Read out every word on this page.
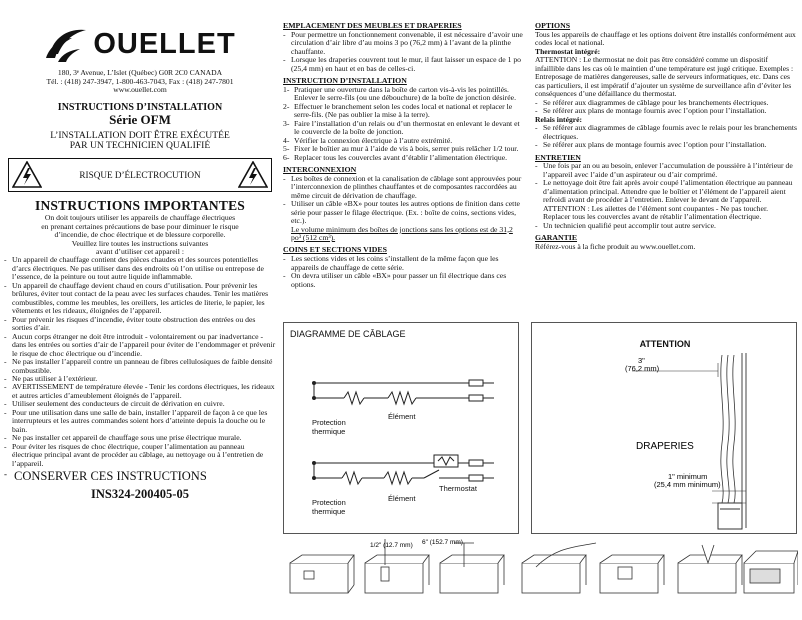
OUELLET
180, 3ᵉ Avenue, L’Islet (Québec) G0R 2C0 CANADA
Tél. : (418) 247-3947, 1-800-463-7043, Fax : (418) 247-7801
www.ouellet.com
INSTRUCTIONS D’INSTALLATION
Série OFM
L’INSTALLATION DOIT ÊTRE EXÉCUTÉE
PAR UN TECHNICIEN QUALIFIÉ
RISQUE D’ÉLECTROCUTION
INSTRUCTIONS IMPORTANTES
On doit toujours utiliser les appareils de chauffage électriques
en prenant certaines précautions de base pour diminuer le risque
d’incendie, de choc électrique et de blessure corporelle.
Veuillez lire toutes les instructions suivantes
avant d’utiliser cet appareil :
- Un appareil de chauffage contient des pièces chaudes et des sources potentielles d’arcs électriques. Ne pas utiliser dans des endroits où l’on utilise ou entrepose de l’essence, de la peinture ou tout autre liquide inflammable.
- Un appareil de chauffage devient chaud en cours d’utilisation. Pour prévenir les brûlures, éviter tout contact de la peau avec les surfaces chaudes. Tenir les matières combustibles, comme les meubles, les oreillers, les articles de literie, le papier, les vêtements et les rideaux, éloignées de l’appareil.
- Pour prévenir les risques d’incendie, éviter toute obstruction des entrées ou des sorties d’air.
- Aucun corps étranger ne doit être introduit - volontairement ou par inadvertance - dans les entrées ou sorties d’air de l’appareil pour éviter de l’endommager et prévenir le risque de choc électrique ou d’incendie.
- Ne pas installer l’appareil contre un panneau de fibres cellulosiques de faible densité combustible.
- Ne pas utiliser à l’extérieur.
- AVERTISSEMENT de température élevée - Tenir les cordons électriques, les rideaux et autres articles d’ameublement éloignés de l’appareil.
- Utiliser seulement des conducteurs de circuit de dérivation en cuivre.
- Pour une utilisation dans une salle de bain, installer l’appareil de façon à ce que les interrupteurs et les autres commandes soient hors d’atteinte depuis la douche ou le bain.
- Ne pas installer cet appareil de chauffage sous une prise électrique murale.
- Pour éviter les risques de choc électrique, couper l’alimentation au panneau électrique principal avant de procéder au câblage, au nettoyage ou à l’entretien de l’appareil.
- CONSERVER CES INSTRUCTIONS
INS324-200405-05
EMPLACEMENT DES MEUBLES ET DRAPERIES
- Pour permettre un fonctionnement convenable, il est nécessaire d’avoir une circulation d’air libre d’au moins 3 po (76,2 mm) à l’avant de la plinthe chauffante.
- Lorsque les draperies couvrent tout le mur, il faut laisser un espace de 1 po (25,4 mm) en haut et en bas de celles-ci.
INSTRUCTION D’INSTALLATION
1- Pratiquer une ouverture dans la boîte de carton vis-à-vis les pointillés. Enlever le serre-fils (ou une débouchure) de la boîte de jonction désirée.
2- Effectuer le branchement selon les codes local et national et replacer le serre-fils. (Ne pas oublier la mise à la terre).
3- Faire l’installation d’un relais ou d’un thermostat en enlevant le devant et le couvercle de la boîte de jonction.
4- Vérifier la connexion électrique à l’autre extrémité.
5- Fixer le boîtier au mur à l’aide de vis à bois, serrer puis relâcher 1/2 tour.
6- Replacer tous les couvercles avant d’établir l’alimentation électrique.
INTERCONNEXION
- Les boîtes de connexion et la canalisation de câblage sont approuvées pour l’interconnexion de plinthes chauffantes et de composantes raccordées au même circuit de dérivation de chauffage.
- Utiliser un câble «BX» pour toutes les autres options de finition dans cette série pour passer le filage électrique. (Ex. : boîte de coins, sections vides, etc.).
Le volume minimum des boîtes de jonctions sans les options est de 31,2 po³ (512 cm³).
COINS ET SECTIONS VIDES
- Les sections vides et les coins s’installent de la même façon que les appareils de chauffage de cette série.
- On devra utiliser un câble «BX» pour passer un fil électrique dans ces options.
OPTIONS
Tous les appareils de chauffage et les options doivent être installés conformément aux codes local et national.
Thermostat intégré:
ATTENTION : Le thermostat ne doit pas être considéré comme un dispositif infaillible dans les cas où le maintien d’une température est jugé critique. Exemples : Entreposage de matières dangereuses, salle de serveurs informatiques, etc. Dans ces cas particuliers, il est impératif d’ajouter un système de surveillance afin d’éviter les conséquences d’une défaillance du thermostat.
- Se référer aux diagrammes de câblage pour les branchements électriques.
- Se référer aux plans de montage fournis avec l’option pour l’installation.
Relais intégré:
- Se référer aux diagrammes de câblage fournis avec le relais pour les branchements électriques.
- Se référer aux plans de montage fournis avec l’option pour l’installation.
ENTRETIEN
- Une fois par an ou au besoin, enlever l’accumulation de poussière à l’intérieur de l’appareil avec l’aide d’un aspirateur ou d’air comprimé.
- Le nettoyage doit être fait après avoir coupé l’alimentation électrique au panneau d’alimentation principal. Attendre que le boîtier et l’élément de l’appareil aient refroidi avant de procéder à l’entretien. Enlever le devant de l’appareil. ATTENTION : Les ailettes de l’élément sont coupantes - Ne pas toucher. Replacer tous les couvercles avant de rétablir l’alimentation électrique.
- Un technicien qualifié peut accomplir tout autre service.
GARANTIE
Référez-vous à la fiche produit au www.ouellet.com.
DIAGRAMME DE CÂBLAGE
Protection thermique
Élément
Protection thermique
Élément
Thermostat
ATTENTION
3"
(76,2 mm)
DRAPERIES
1" minimum
(25,4 mm minimum)
1/2" (12.7 mm) 6" (152.7 mm)
